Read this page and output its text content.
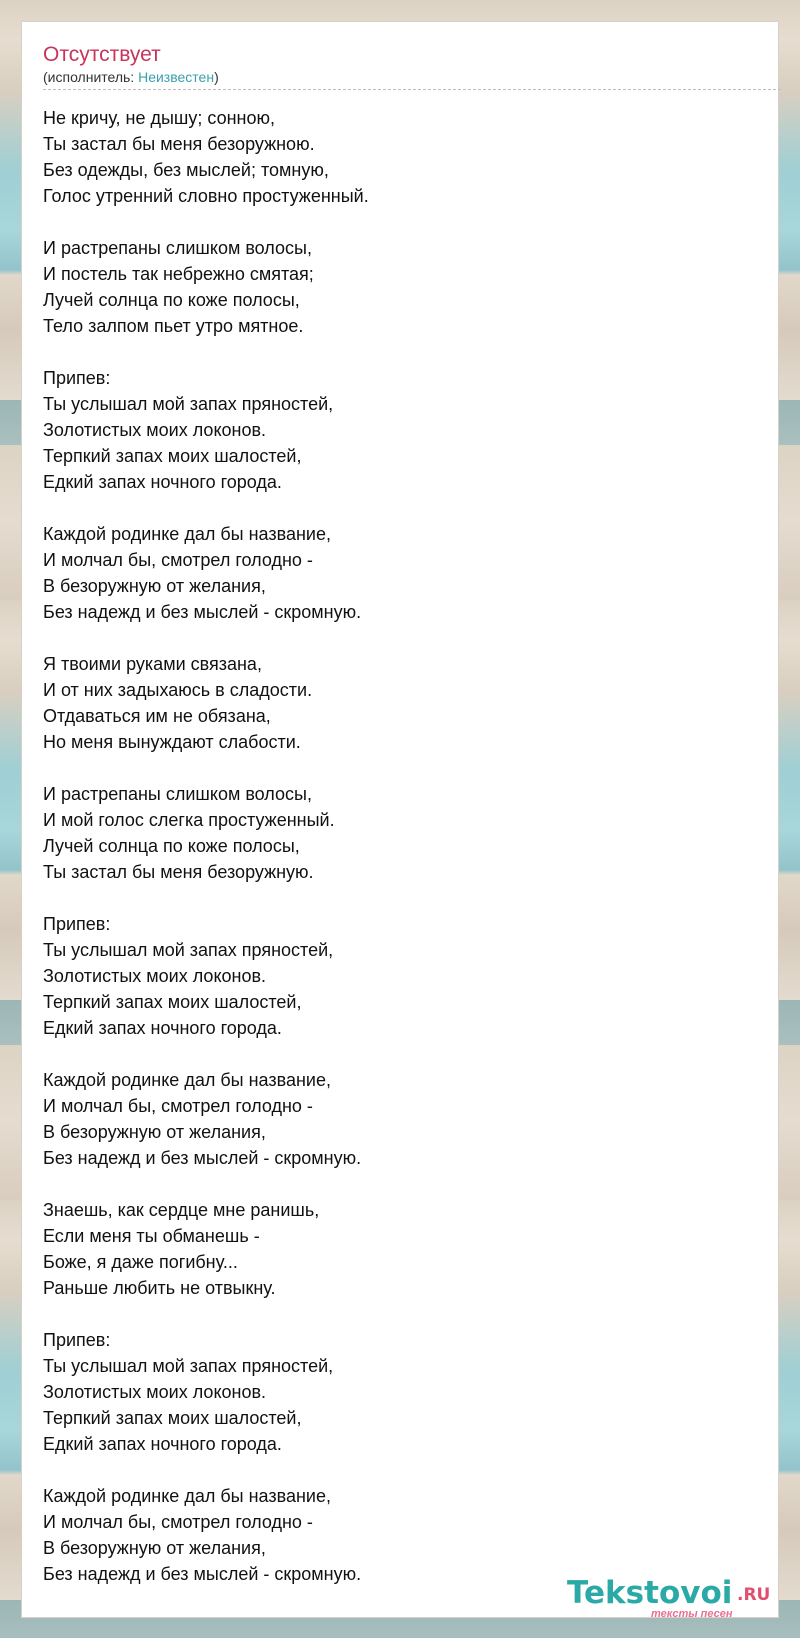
Отсутствует
(исполнитель: Неизвестен)
Не кричу, не дышу; сонною,
Ты застал бы меня безоружною.
Без одежды, без мыслей; томную,
Голос утренний словно простуженный.

И растрепаны слишком волосы,
И постель так небрежно смятая;
Лучей солнца по коже полосы,
Тело залпом пьет утро мятное.

Припев:
Ты услышал мой запах пряностей,
Золотистых моих локонов.
Терпкий запах моих шалостей,
Едкий запах ночного города.

Каждой родинке дал бы название,
И молчал бы, смотрел голодно -
В безоружную от желания,
Без надежд и без мыслей - скромную.

Я твоими руками связана,
И от них задыхаюсь в сладости.
Отдаваться им не обязана,
Но меня вынуждают слабости.

И растрепаны слишком волосы,
И мой голос слегка простуженный.
Лучей солнца по коже полосы,
Ты застал бы меня безоружную.

Припев:
Ты услышал мой запах пряностей,
Золотистых моих локонов.
Терпкий запах моих шалостей,
Едкий запах ночного города.

Каждой родинке дал бы название,
И молчал бы, смотрел голодно -
В безоружную от желания,
Без надежд и без мыслей - скромную.

Знаешь, как сердце мне ранишь,
Если меня ты обманешь -
Боже, я даже погибну...
Раньше любить не отвыкну.

Припев:
Ты услышал мой запах пряностей,
Золотистых моих локонов.
Терпкий запах моих шалостей,
Едкий запах ночного города.

Каждой родинке дал бы название,
И молчал бы, смотрел голодно -
В безоружную от желания,
Без надежд и без мыслей - скромную.
Tekstovoi .RU
тексты песен
